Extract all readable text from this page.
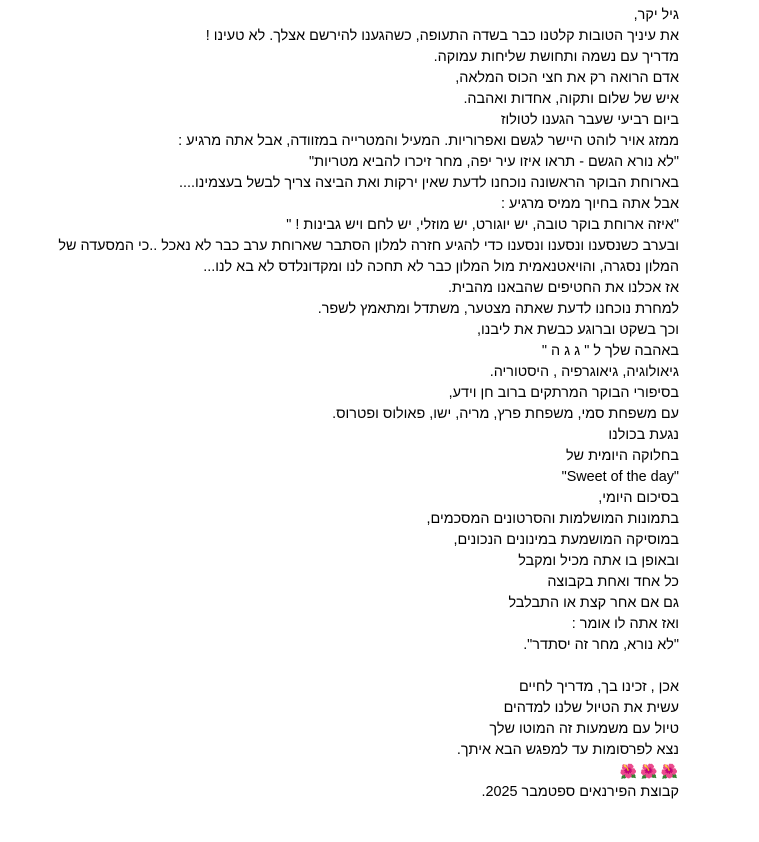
גיל יקר,
את עיניך הטובות קלטנו כבר בשדה התעופה, כשהגענו להירשם אצלך. לא טעינו !
מדריך עם נשמה ותחושת שליחות עמוקה.
אדם הרואה רק את חצי הכוס המלאה,
איש של שלום ותקוה, אחדות ואהבה.
ביום רביעי שעבר הגענו לטולוז
ממזג אויר לוהט היישר לגשם ואפרוריות. המעיל והמטרייה במזוודה, אבל אתה מרגיע :
"לא נורא הגשם - תראו איזו עיר יפה, מחר זיכרו להביא מטריות"
בארוחת הבוקר הראשונה נוכחנו לדעת שאין ירקות ואת הביצה צריך לבשל בעצמינו....
אבל אתה בחיוך ממיס מרגיע :
"איזה ארוחת בוקר טובה, יש יוגורט, יש מוזלי, יש לחם ויש גבינות ! "
ובערב כשנסענו ונסענו ונסענו כדי להגיע חזרה למלון הסתבר שארוחת ערב כבר לא נאכל ..כי המסעדה של
המלון נסגרה, והויאטנאמית מול המלון כבר לא תחכה לנו ומקדונלדס לא בא לנו...
אז אכלנו את החטיפים שהבאנו מהבית.
למחרת נוכחנו לדעת שאתה מצטער, משתדל ומתאמץ לשפר.
וכך בשקט וברוגע כבשת את ליבנו,
באהבה שלך ל " ג ג ה "
גיאולוגיה, גיאוגרפיה , היסטוריה.
בסיפורי הבוקר המרתקים ברוב חן וידע,
עם משפחת סמי, משפחת פרץ, מריה, ישו, פאולוס ופטרוס.
נגעת בכולנו
בחלוקה היומית של
"Sweet of the day"
בסיכום היומי,
בתמונות המושלמות והסרטונים המסכמים,
במוסיקה המושמעת במינונים הנכונים,
ובאופן בו אתה מכיל ומקבל
כל אחד ואחת בקבוצה
גם אם אחר קצת או התבלבל
ואז אתה לו אומר :
"לא נורא, מחר זה יסתדר".
אכן , זכינו בך, מדריך לחיים
עשית את הטיול שלנו למדהים
טיול עם משמעות זה המוטו שלך
נצא לפרסומות עד למפגש הבא איתך.
🌺🌺🌺
קבוצת הפירנאים ספטמבר 2025.
